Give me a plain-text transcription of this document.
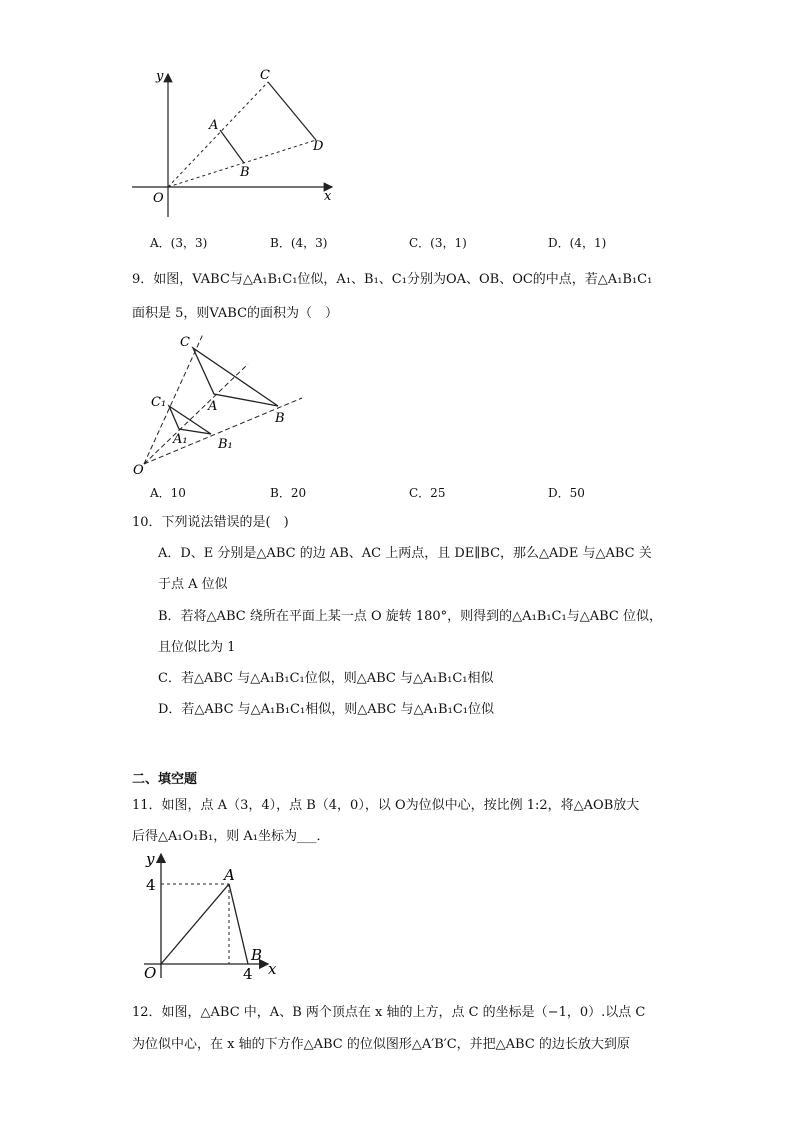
y
x
O
A
B
C
D
A．(3，3)	B．(4，3)	C．(3，1)	D．(4，1)
9．如图，VABC与△A₁B₁C₁位似，A₁、B₁、C₁分别为OA、OB、OC的中点，若△A₁B₁C₁
面积是 5，则VABC的面积为（　）
C
A
B
C₁
A₁ B₁
O
A．10	B．20	C．25	D．50
10．下列说法错误的是(　)
A．D、E 分别是△ABC 的边 AB、AC 上两点，且 DE∥BC，那么△ADE 与△ABC 关
于点 A 位似
B．若将△ABC 绕所在平面上某一点 O 旋转 180°，则得到的△A₁B₁C₁与△ABC 位似，
且位似比为 1
C．若△ABC 与△A₁B₁C₁位似，则△ABC 与△A₁B₁C₁相似
D．若△ABC 与△A₁B₁C₁相似，则△ABC 与△A₁B₁C₁位似
二、填空题
11．如图，点 A（3，4），点 B（4，0），以 O为位似中心，按比例 1:2，将△AOB放大
后得△A₁O₁B₁，则 A₁坐标为___．
y
4
A
B
O	4 x
12．如图，△ABC 中，A、B 两个顶点在 x 轴的上方，点 C 的坐标是（−1，0）.以点 C
为位似中心，在 x 轴的下方作△ABC 的位似图形△A′B′C，并把△ABC 的边长放大到原
